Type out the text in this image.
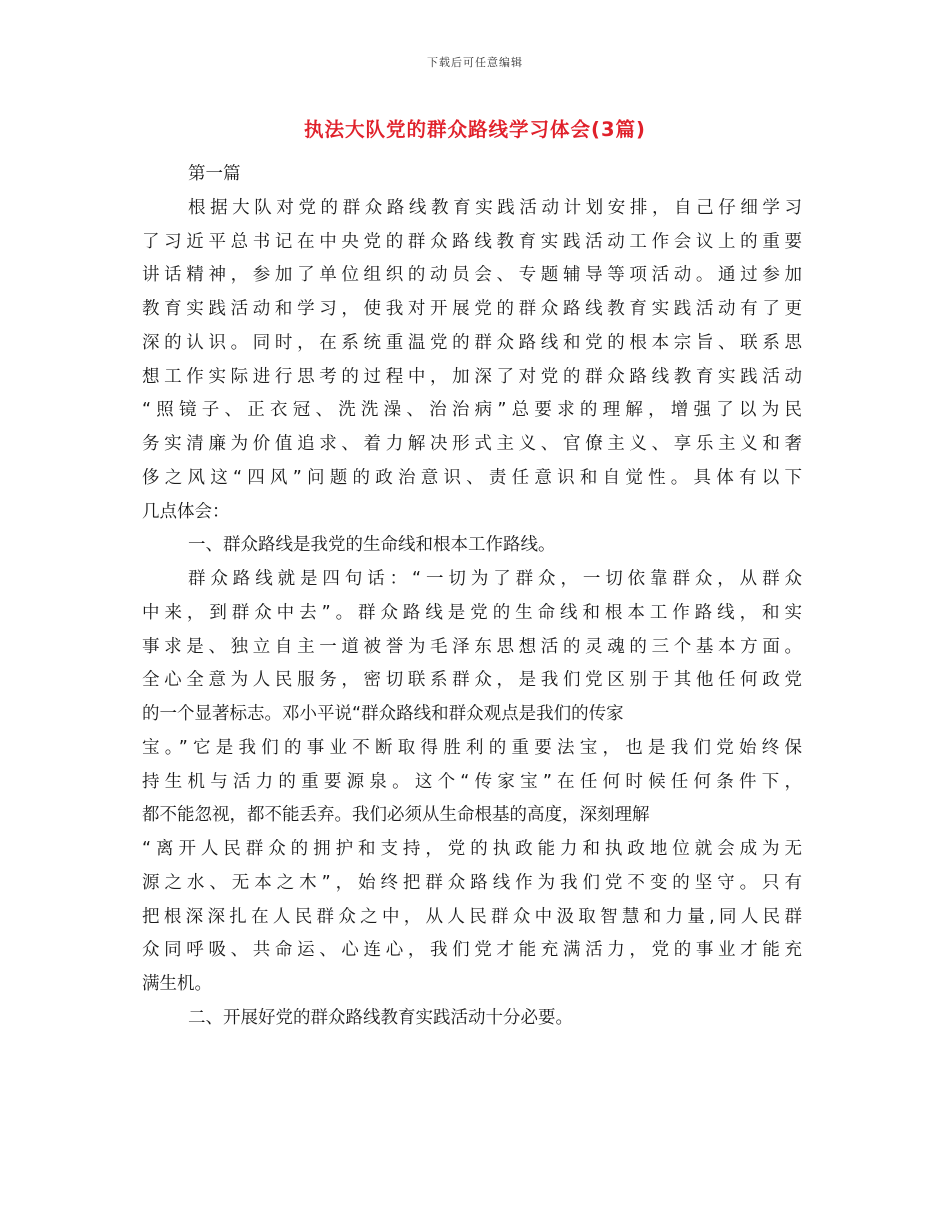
下载后可任意编辑
执法大队党的群众路线学习体会(3篇)
第一篇
根据大队对党的群众路线教育实践活动计划安排，自己仔细学习
了习近平总书记在中央党的群众路线教育实践活动工作会议上的重要
讲话精神，参加了单位组织的动员会、专题辅导等项活动。通过参加
教育实践活动和学习，使我对开展党的群众路线教育实践活动有了更
深的认识。同时，在系统重温党的群众路线和党的根本宗旨、联系思
想工作实际进行思考的过程中，加深了对党的群众路线教育实践活动
“照镜子、正衣冠、洗洗澡、治治病”总要求的理解，增强了以为民
务实清廉为价值追求、着力解决形式主义、官僚主义、享乐主义和奢
侈之风这“四风”问题的政治意识、责任意识和自觉性。具体有以下
几点体会：
一、群众路线是我党的生命线和根本工作路线。
群众路线就是四句话：“一切为了群众，一切依靠群众，从群众
中来，到群众中去”。群众路线是党的生命线和根本工作路线，和实
事求是、独立自主一道被誉为毛泽东思想活的灵魂的三个基本方面。
全心全意为人民服务，密切联系群众，是我们党区别于其他任何政党
的一个显著标志。邓小平说“群众路线和群众观点是我们的传家
宝。”它是我们的事业不断取得胜利的重要法宝，也是我们党始终保
持生机与活力的重要源泉。这个“传家宝”在任何时候任何条件下，
都不能忽视，都不能丢弃。我们必须从生命根基的高度，深刻理解
“离开人民群众的拥护和支持，党的执政能力和执政地位就会成为无
源之水、无本之木”，始终把群众路线作为我们党不变的坚守。只有
把根深深扎在人民群众之中，从人民群众中汲取智慧和力量,同人民群
众同呼吸、共命运、心连心，我们党才能充满活力，党的事业才能充
满生机。
二、开展好党的群众路线教育实践活动十分必要。
